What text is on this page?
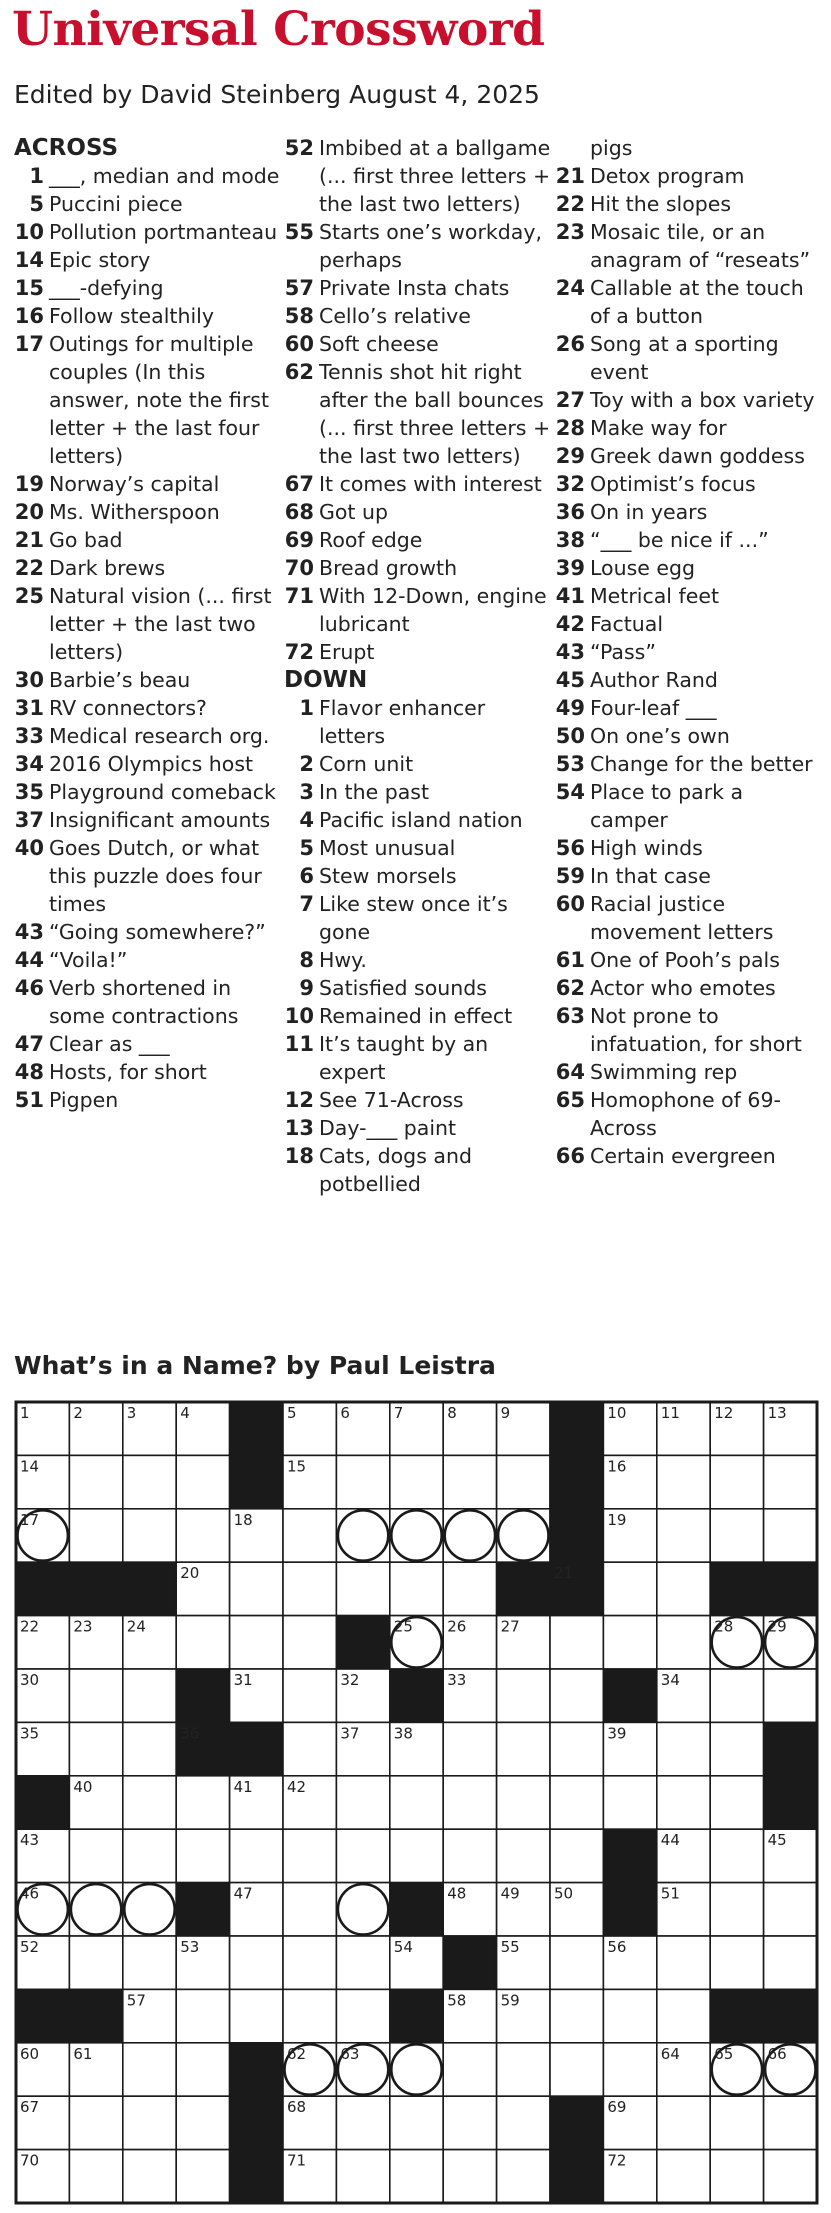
Universal Crossword
Edited by David Steinberg August 4, 2025
ACROSS
1 ___, median and mode
5 Puccini piece
10 Pollution portmanteau
14 Epic story
15 ___-defying
16 Follow stealthily
17 Outings for multiple couples (In this answer, note the first letter + the last four letters)
19 Norway’s capital
20 Ms. Witherspoon
21 Go bad
22 Dark brews
25 Natural vision (... first letter + the last two letters)
30 Barbie’s beau
31 RV connectors?
33 Medical research org.
34 2016 Olympics host
35 Playground comeback
37 Insignificant amounts
40 Goes Dutch, or what this puzzle does four times
43 “Going somewhere?”
44 “Voila!”
46 Verb shortened in some contractions
47 Clear as ___
48 Hosts, for short
51 Pigpen
52 Imbibed at a ballgame (... first three letters + the last two letters)
55 Starts one’s workday, perhaps
57 Private Insta chats
58 Cello’s relative
60 Soft cheese
62 Tennis shot hit right after the ball bounces (... first three letters + the last two letters)
67 It comes with interest
68 Got up
69 Roof edge
70 Bread growth
71 With 12-Down, engine lubricant
72 Erupt
DOWN
1 Flavor enhancer letters
2 Corn unit
3 In the past
4 Pacific island nation
5 Most unusual
6 Stew morsels
7 Like stew once it’s gone
8 Hwy.
9 Satisfied sounds
10 Remained in effect
11 It’s taught by an expert
12 See 71-Across
13 Day-___ paint
18 Cats, dogs and potbellied
pigs
21 Detox program
22 Hit the slopes
23 Mosaic tile, or an anagram of “reseats”
24 Callable at the touch of a button
26 Song at a sporting event
27 Toy with a box variety
28 Make way for
29 Greek dawn goddess
32 Optimist’s focus
36 On in years
38 “___ be nice if ...”
39 Louse egg
41 Metrical feet
42 Factual
43 “Pass”
45 Author Rand
49 Four-leaf ___
50 On one’s own
53 Change for the better
54 Place to park a camper
56 High winds
59 In that case
60 Racial justice movement letters
61 One of Pooh’s pals
62 Actor who emotes
63 Not prone to infatuation, for short
64 Swimming rep
65 Homophone of 69-Across
66 Certain evergreen
What’s in a Name? by Paul Leistra
1	2	3	4	5	6	7	8	9	10 11 12 13
14	15	16
17	18	19
20	21
22 23 24	25 26 27	28 29
30	31	32	33	34
35	36	37 38	39
40	41 42
43	44	45
46	47	48 49 50	51
52	53	54	55	56
57	58 59
60 61	62 63	64 65 66
67	68	69
70	71	72
